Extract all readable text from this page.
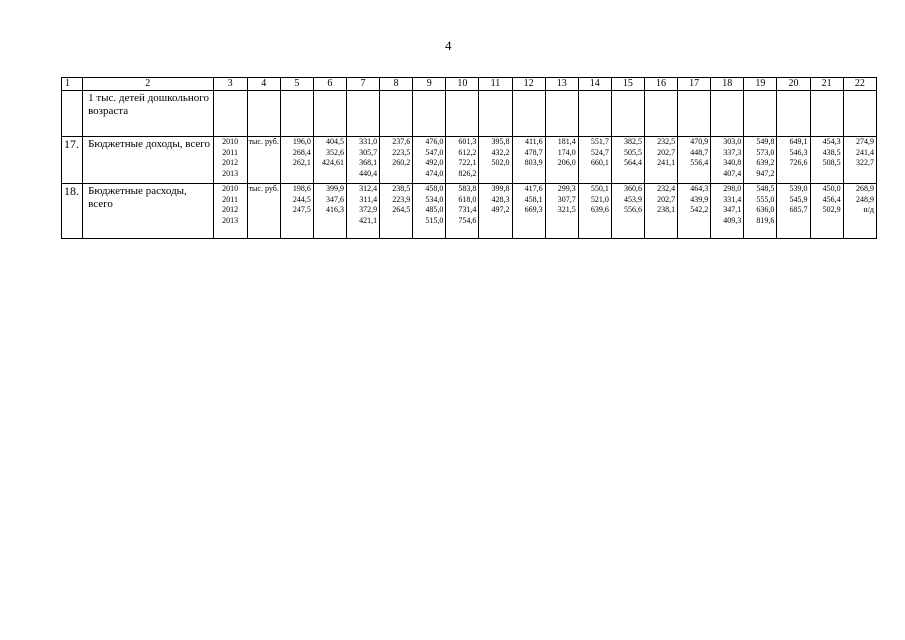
4
1	2	3	4	5	6	7	8	9	10	11	12	13	14	15	16	17	18	19	20	21	22
	1 тыс. детей дошкольного возраста																				
17.	Бюджетные доходы, всего	2010
2011
2012
2013	тыс. руб.	196,0
268,4
262,1	404,5
352,6
424,61	331,0
305,7
368,1
440,4	237,6
223,5
260,2	476,0
547,0
492,0
474,0	601,3
612,2
722,1
826,2	395,8
432,2
502,0	411,6
478,7
803,9	181,4
174,0
206,0	551,7
524,7
660,1	382,5
505,5
564,4	232,5
202,7
241,1	470,9
448,7
556,4	303,0
337,3
340,8
407,4	549,8
573,0
639,2
947,2	649,1
546,3
726,6	454,3
438,5
508,5	274,9
241,4
322,7

18.	Бюджетные расходы, всего	2010
2011
2012
2013	тыс. руб.	198,6
244,5
247,5	399,9
347,6
416,3	312,4
311,4
372,9
421,1	238,5
223,9
264,5	458,0
534,0
485,0
515,0	583,8
618,0
731,4
754,6	399,8
428,3
497,2	417,6
458,1
669,3	299,3
307,7
321,5	550,1
521,0
639,6	360,6
453,9
556,6	232,4
202,7
238,1	464,3
439,9
542,2	298,0
331,4
347,1
409,3	548,5
555,0
636,0
819,6	539,0
545,9
685,7	450,0
456,4
502,9	268,9
248,9
н/д
